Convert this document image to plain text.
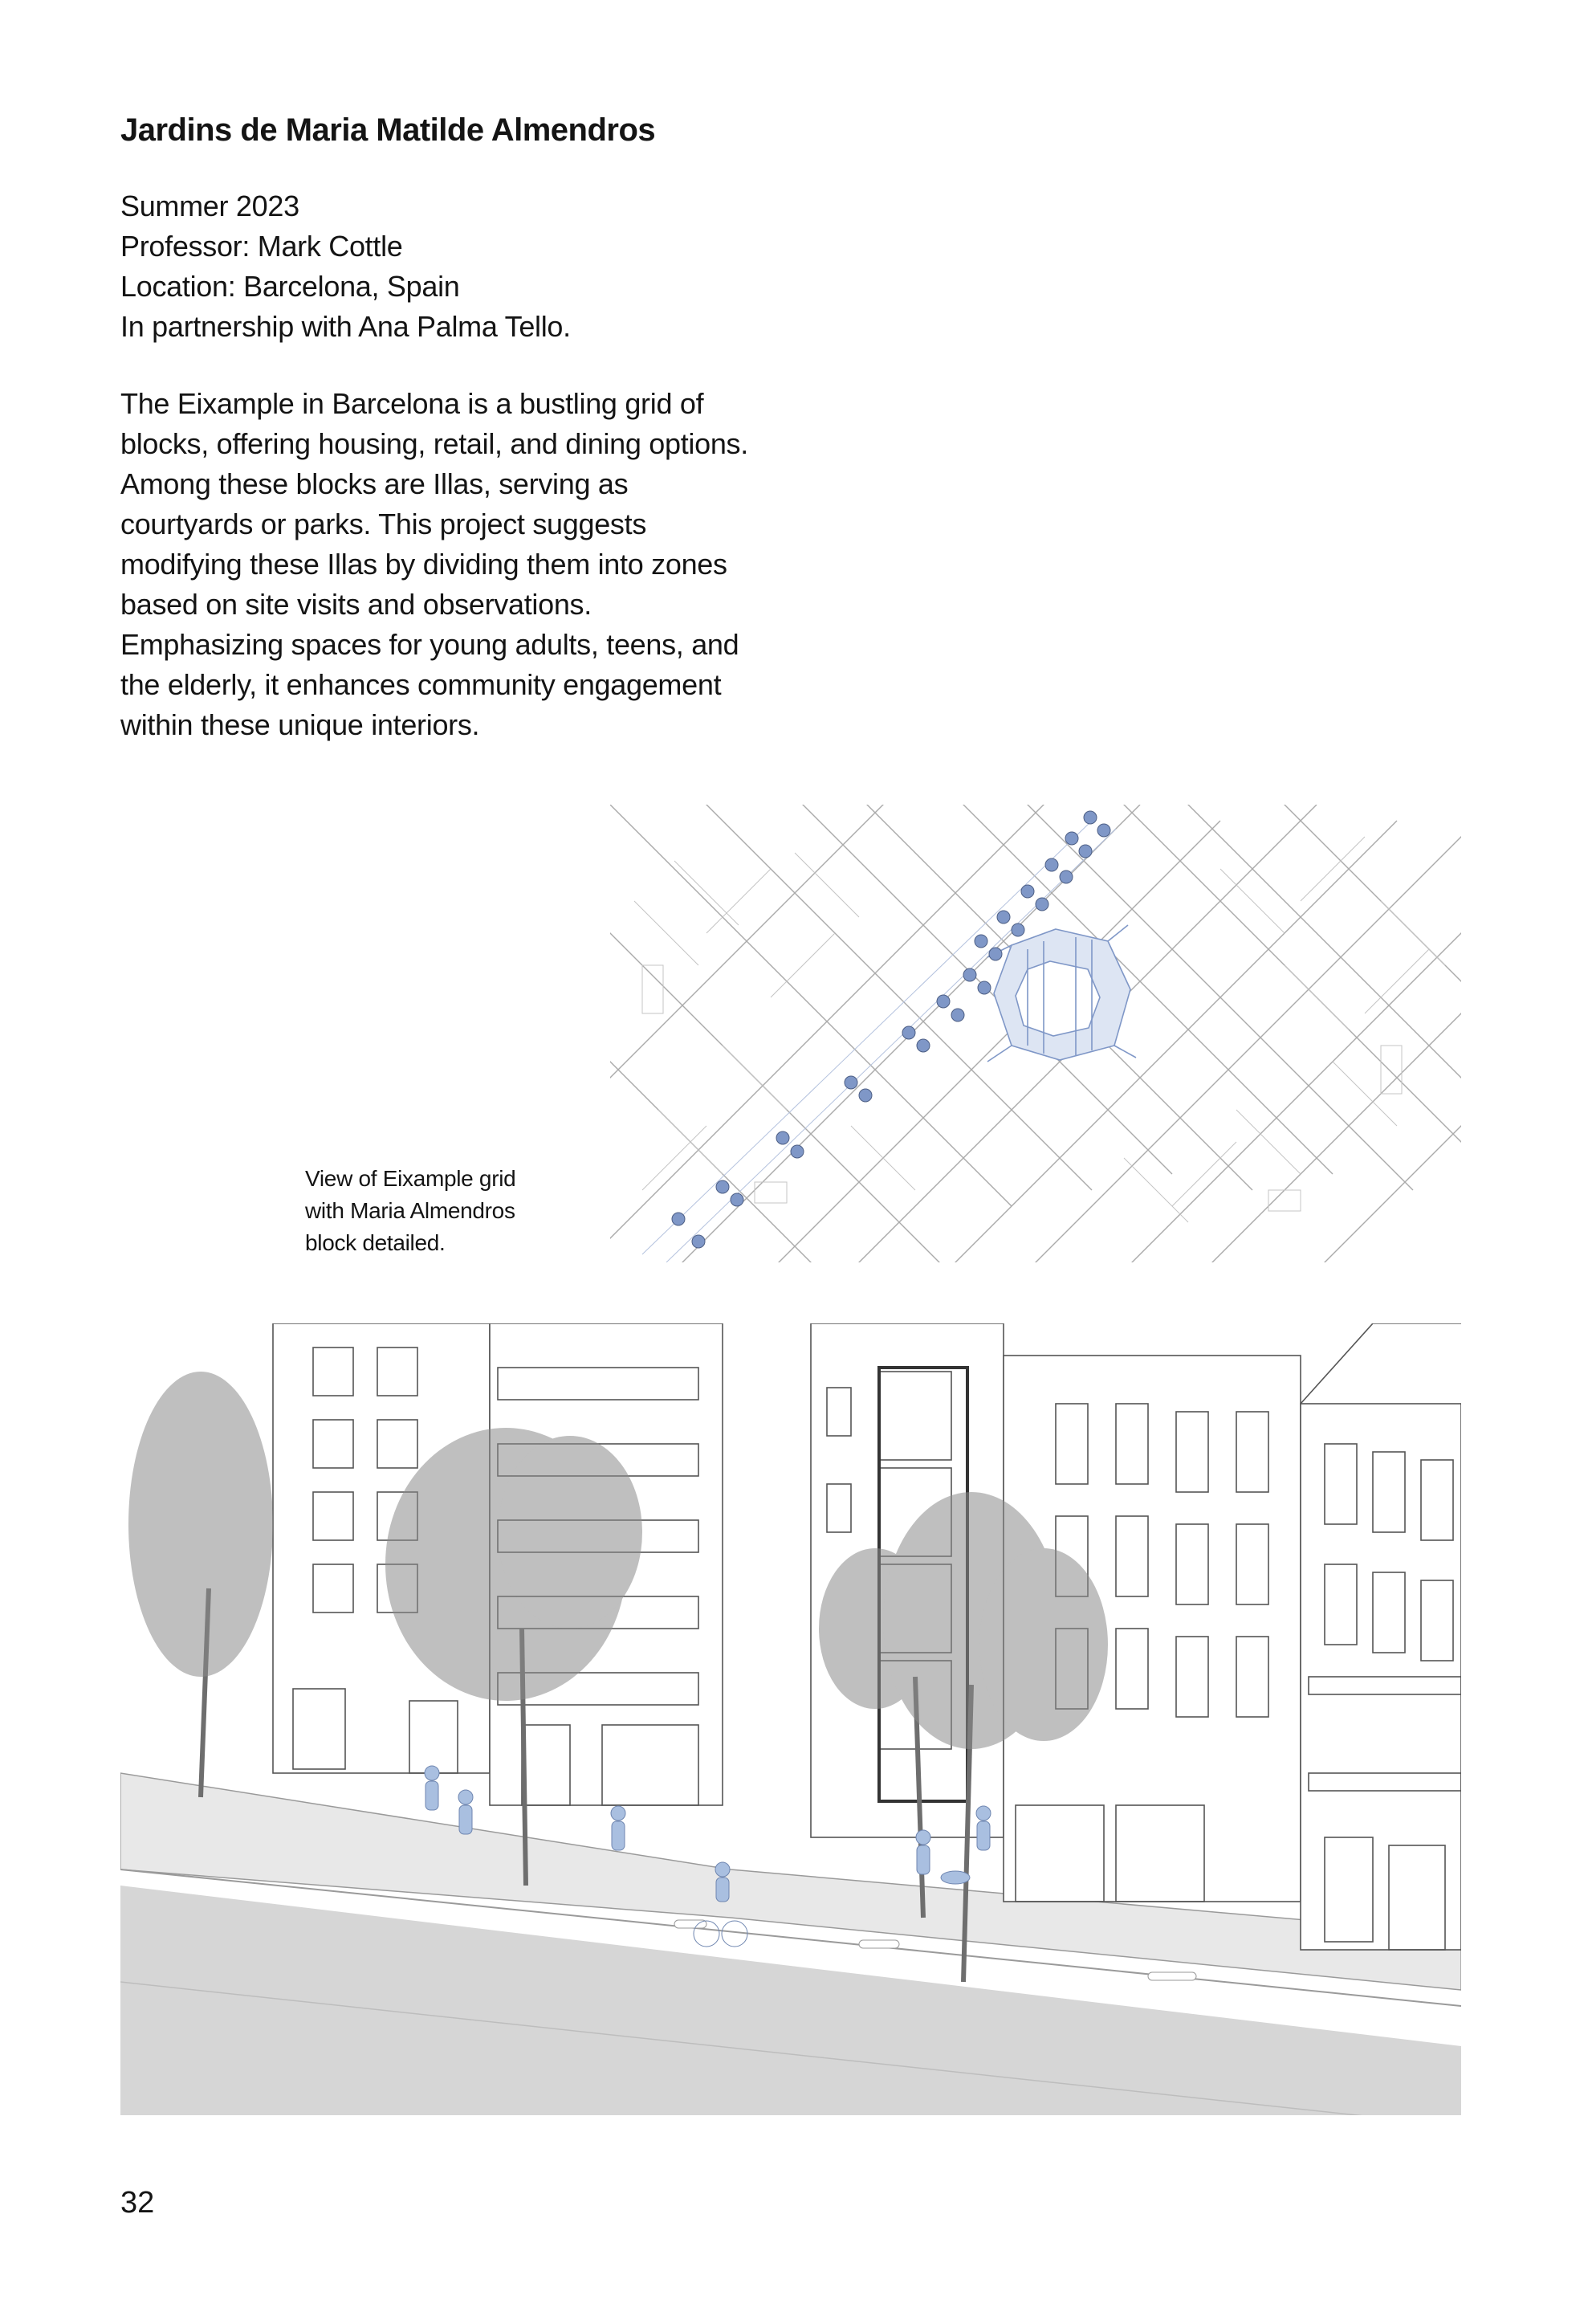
Jardins de Maria Matilde Almendros
Summer 2023
Professor: Mark Cottle
Location: Barcelona, Spain
In partnership with Ana Palma Tello.

The Eixample in Barcelona is a bustling grid of blocks, offering housing, retail, and dining options. Among these blocks are Illas, serving as courtyards or parks. This project suggests modifying these Illas by dividing them into zones based on site visits and observations. Emphasizing spaces for young adults, teens, and the elderly, it enhances community engagement within these unique interiors.

View of Eixample grid with Maria Almendros block detailed.

32
